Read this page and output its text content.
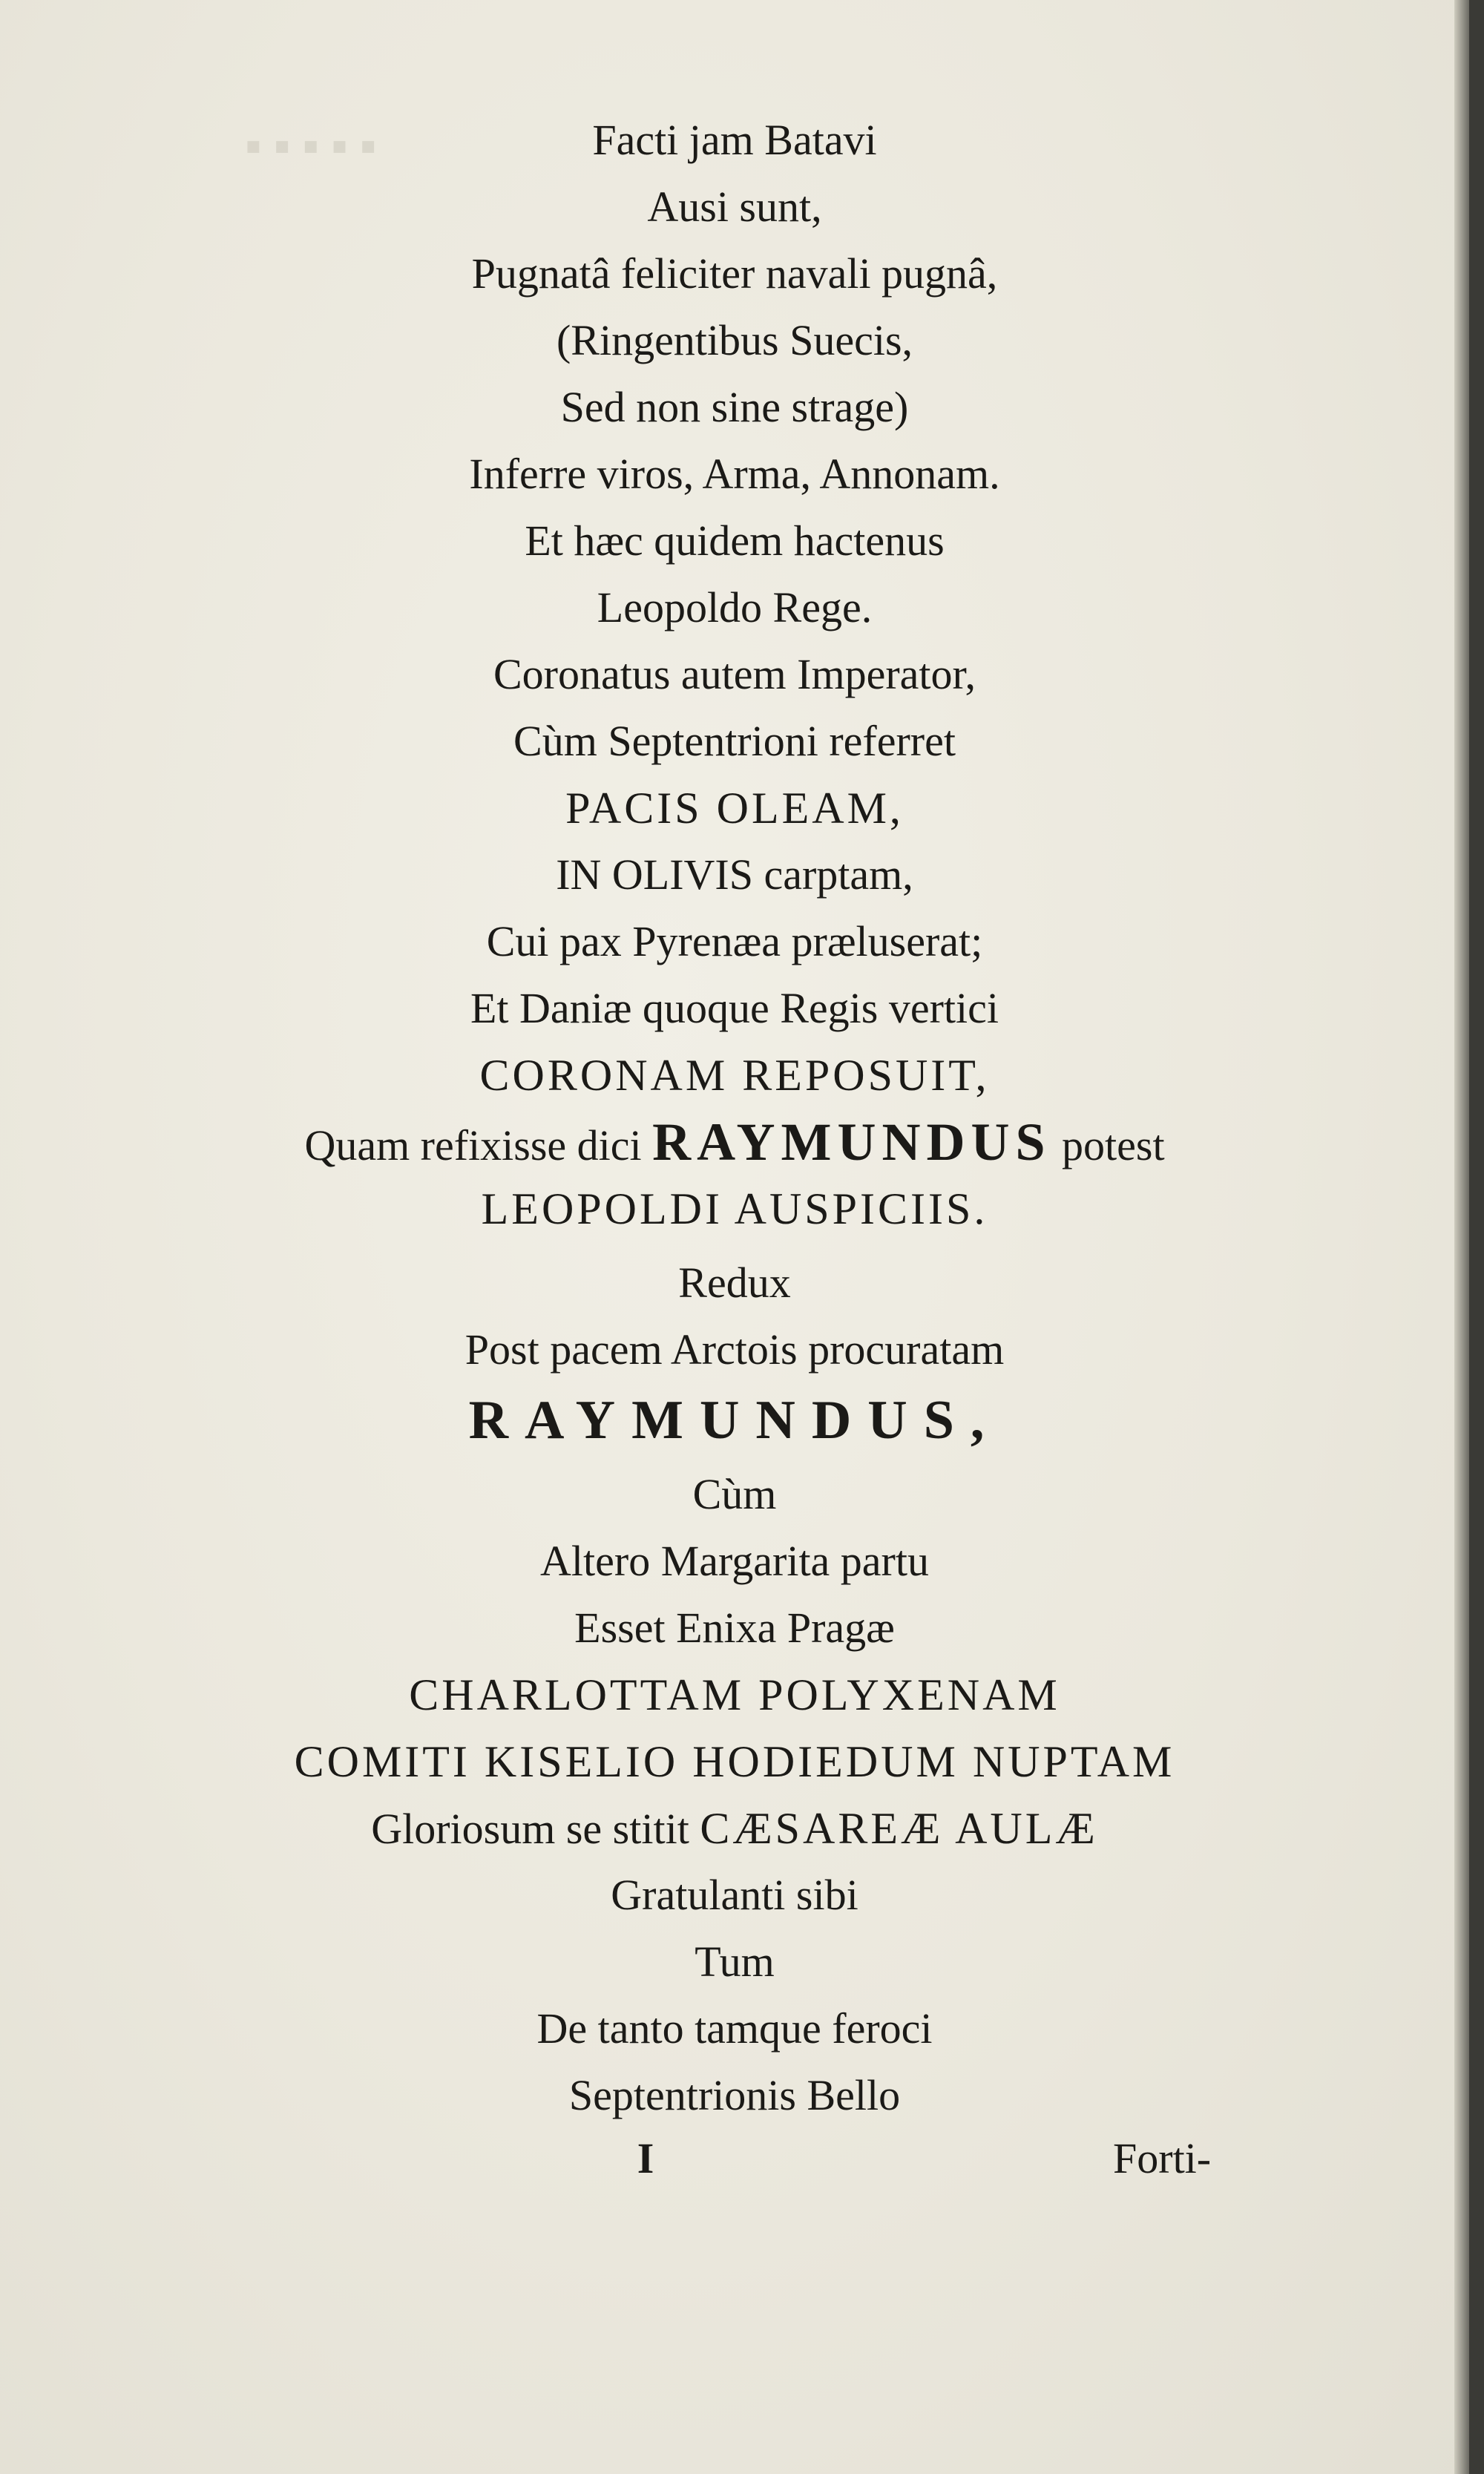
▪ ▪ ▪ ▪ ▪	Facti jam Batavi
Ausi sunt,
Pugnatâ feliciter navali pugnâ,
(Ringentibus Suecis,
Sed non sine strage)
Inferre viros, Arma, Annonam.
Et hæc quidem hactenus
Leopoldo Rege.
Coronatus autem Imperator,
Cùm Septentrioni referret
PACIS OLEAM,
IN OLIVIS carptam,
Cui pax Pyrenæa præluserat;
Et Daniæ quoque Regis vertici
CORONAM REPOSUIT,
Quam refixisse dici RAYMUNDUS potest
LEOPOLDI AUSPICIIS.
Redux
Post pacem Arctois procuratam
RAYMUNDUS,
Cùm
Altero Margarita partu
Esset Enixa Pragæ
CHARLOTTAM POLYXENAM
COMITI KISELIO HODIEDUM NUPTAM
Gloriosum se stitit CÆSAREÆ AULÆ
Gratulanti sibi
Tum
De tanto tamque feroci
Septentrionis Bello
I	Forti-
